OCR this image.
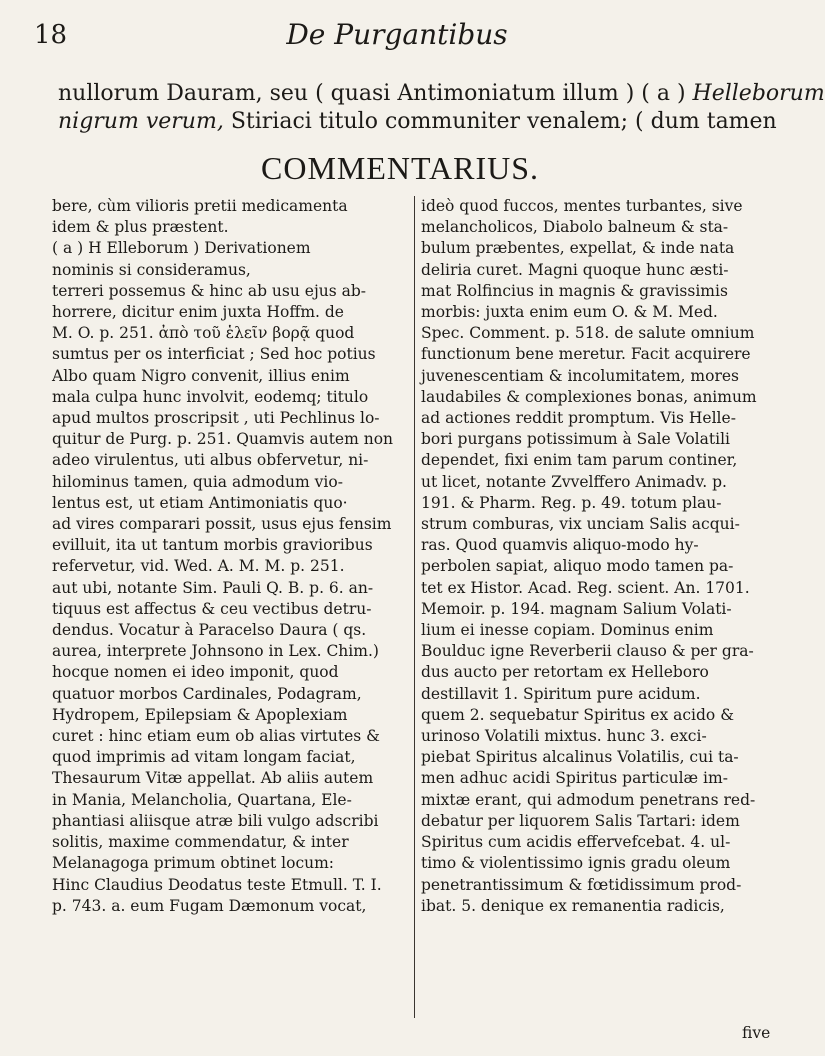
18	De Purgantibus
nullorum Dauram, seu ( quasi Antimoniatum illum ) ( a ) Helleborum
nigrum verum, Stiriaci titulo communiter venalem; ( dum tamen
COMMENTARIUS.
bere, cùm vilioris pretii medicamenta
idem & plus præstent.
( a ) H Elleborum ) Derivationem
nominis si consideramus,
terreri possemus & hinc ab usu ejus ab-
horrere, dicitur enim juxta Hoffm. de
M. O. p. 251. ἀπὸ τοῦ ἑλεῖν βορᾷ quod
sumtus per os interficiat ; Sed hoc potius
Albo quam Nigro convenit, illius enim
mala culpa hunc involvit, eodemq; titulo
apud multos proscripsit , uti Pechlinus lo-
quitur de Purg. p. 251. Quamvis autem non
adeo virulentus, uti albus obfervetur, ni-
hilominus tamen, quia admodum vio-
lentus est, ut etiam Antimoniatis quo·
ad vires comparari possit, usus ejus fensim
evilluit, ita ut tantum morbis gravioribus
refervetur, vid. Wed. A. M. M. p. 251.
aut ubi, notante Sim. Pauli Q. B. p. 6. an-
tiquus est affectus & ceu vectibus detru-
dendus. Vocatur à Paracelso Daura ( qs.
aurea, interprete Johnsono in Lex. Chim.)
hocque nomen ei ideo imponit, quod
quatuor morbos Cardinales, Podagram,
Hydropem, Epilepsiam & Apoplexiam
curet : hinc etiam eum ob alias virtutes &
quod imprimis ad vitam longam faciat,
Thesaurum Vitæ appellat. Ab aliis autem
in Mania, Melancholia, Quartana, Ele-
phantiasi aliisque atræ bili vulgo adscribi
solitis, maxime commendatur, & inter
Melanagoga primum obtinet locum:
Hinc Claudius Deodatus teste Etmull. T. I.
p. 743. a. eum Fugam Dæmonum vocat,
ideò quod fuccos, mentes turbantes, sive
melancholicos, Diabolo balneum & sta-
bulum præbentes, expellat, & inde nata
deliria curet. Magni quoque hunc æsti-
mat Rolfincius in magnis & gravissimis
morbis: juxta enim eum O. & M. Med.
Spec. Comment. p. 518. de salute omnium
functionum bene meretur. Facit acquirere
juvenescentiam & incolumitatem, mores
laudabiles & complexiones bonas, animum
ad actiones reddit promptum. Vis Helle-
bori purgans potissimum à Sale Volatili
dependet, fixi enim tam parum continer,
ut licet, notante Zvvelffero Animadv. p.
191. & Pharm. Reg. p. 49. totum plau-
strum comburas, vix unciam Salis acqui-
ras. Quod quamvis aliquo-modo hy-
perbolen sapiat, aliquo modo tamen pa-
tet ex Histor. Acad. Reg. scient. An. 1701.
Memoir. p. 194. magnam Salium Volati-
lium ei inesse copiam. Dominus enim
Boulduc igne Reverberii clauso & per gra-
dus aucto per retortam ex Helleboro
destillavit 1. Spiritum pure acidum.
quem 2. sequebatur Spiritus ex acido &
urinoso Volatili mixtus. hunc 3. exci-
piebat Spiritus alcalinus Volatilis, cui ta-
men adhuc acidi Spiritus particulæ im-
mixtæ erant, qui admodum penetrans red-
debatur per liquorem Salis Tartari: idem
Spiritus cum acidis effervefcebat. 4. ul-
timo & violentissimo ignis gradu oleum
penetrantissimum & fœtidissimum prod-
ibat. 5. denique ex remanentia radicis,
five
